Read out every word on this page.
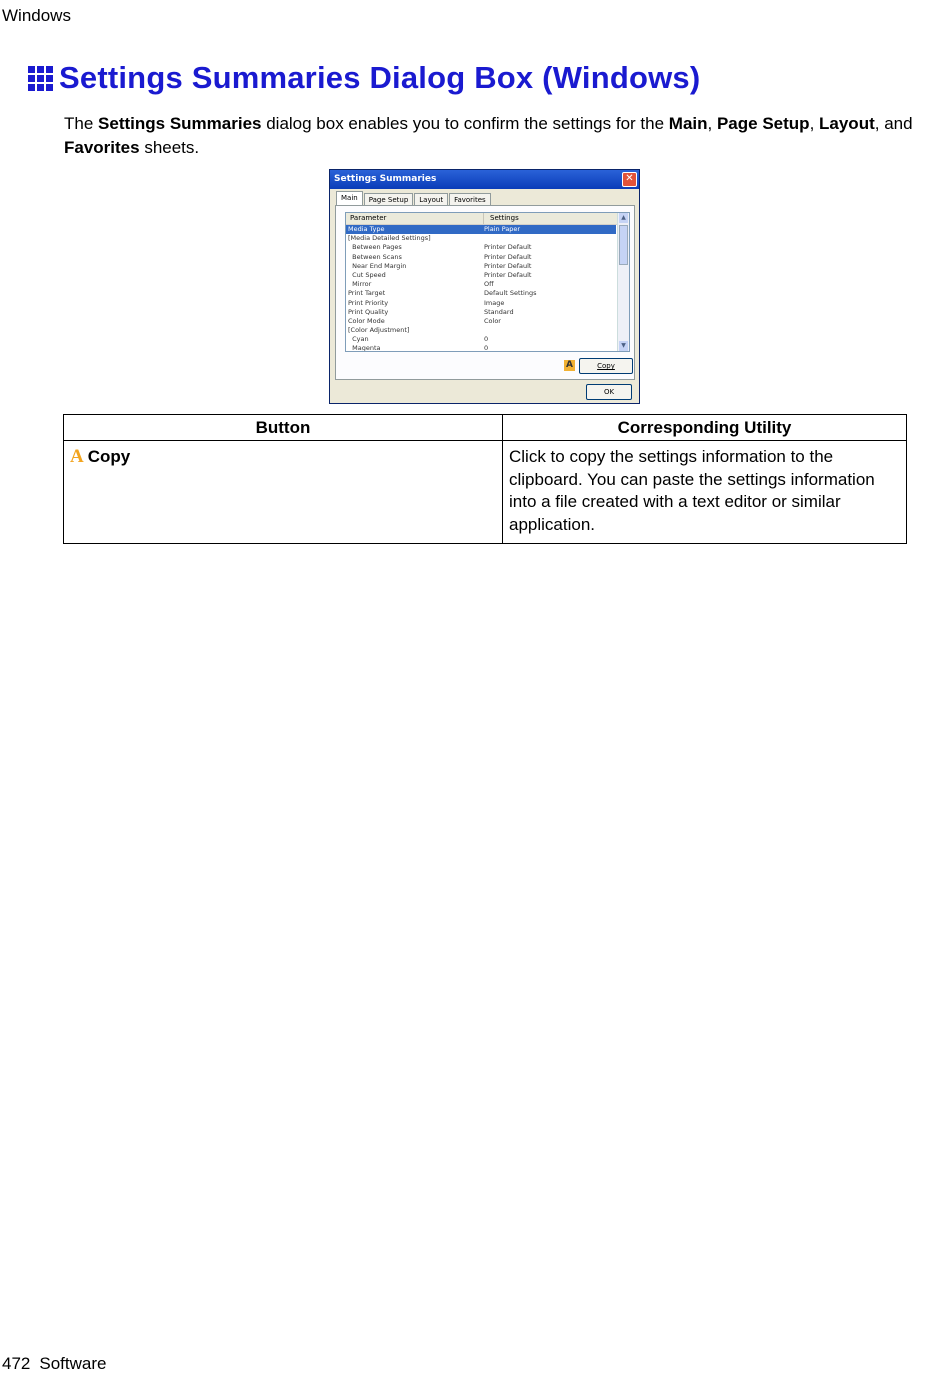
Windows
Settings Summaries Dialog Box (Windows)

The Settings Summaries dialog box enables you to confirm the settings for the Main, Page Setup, Layout, and Favorites sheets.

Settings Summaries	✕
Main	Page Setup	Layout	Favorites
Parameter	Settings
Media Type	Plain Paper
[Media Detailed Settings]
Between Pages	Printer Default
Between Scans	Printer Default
Near End Margin	Printer Default
Cut Speed	Printer Default
Mirror	Off
Print Target	Default Settings
Print Priority	Image
Print Quality	Standard
Color Mode	Color
[Color Adjustment]
Cyan	0
Magenta	0
▲
▼
A	Copy
OK
Button	Corresponding Utility
A Copy	Click to copy the settings information to the clipboard. You can paste the settings information into a file created with a text editor or similar application.
472 Software
